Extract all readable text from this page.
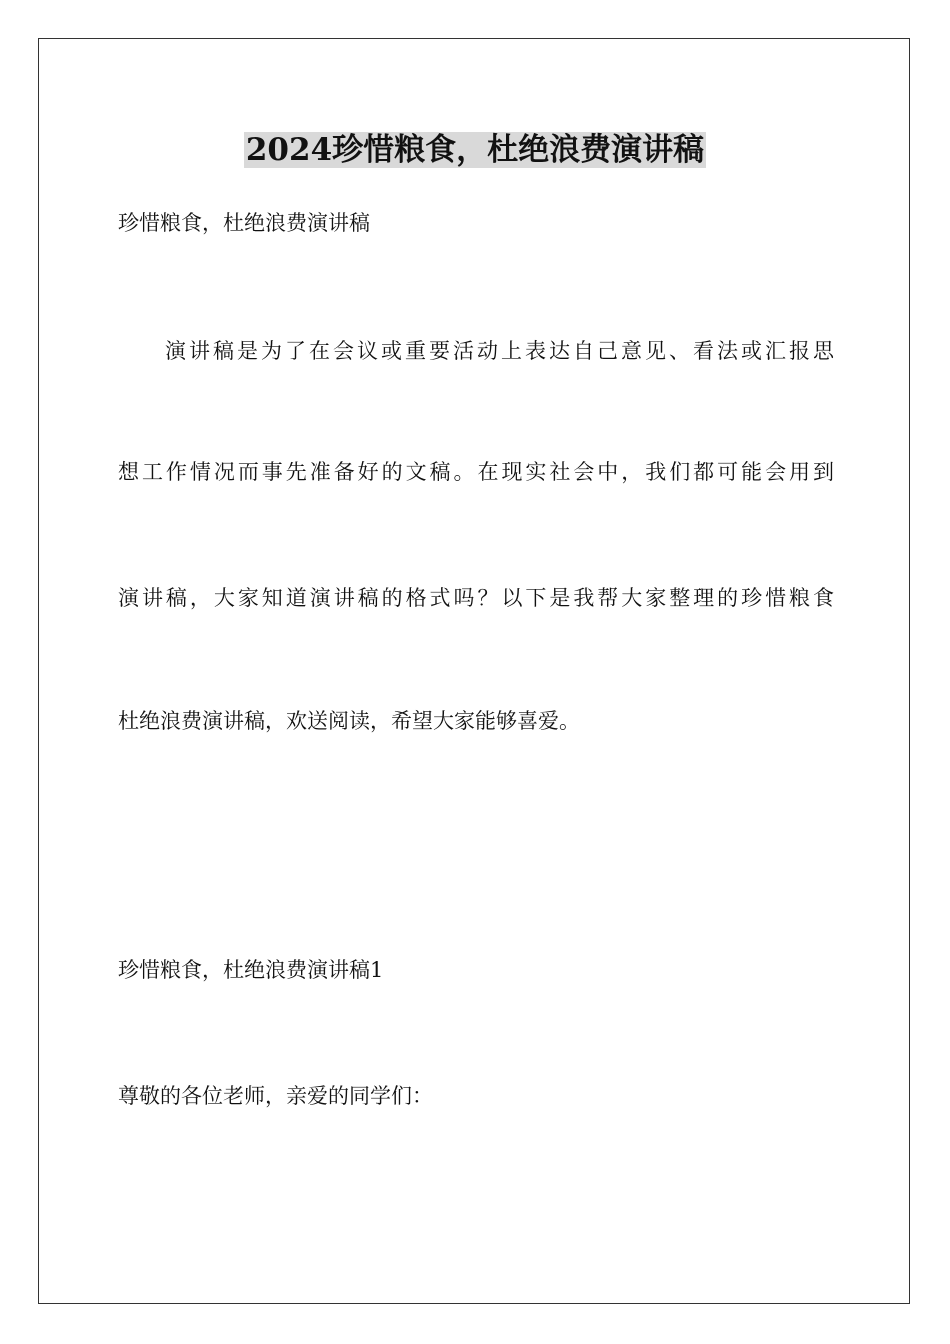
2024珍惜粮食，杜绝浪费演讲稿
珍惜粮食，杜绝浪费演讲稿
演讲稿是为了在会议或重要活动上表达自己意见、看法或汇报思
想工作情况而事先准备好的文稿。在现实社会中，我们都可能会用到
演讲稿，大家知道演讲稿的格式吗？以下是我帮大家整理的珍惜粮食
杜绝浪费演讲稿，欢送阅读，希望大家能够喜爱。
珍惜粮食，杜绝浪费演讲稿1
尊敬的各位老师，亲爱的同学们：
